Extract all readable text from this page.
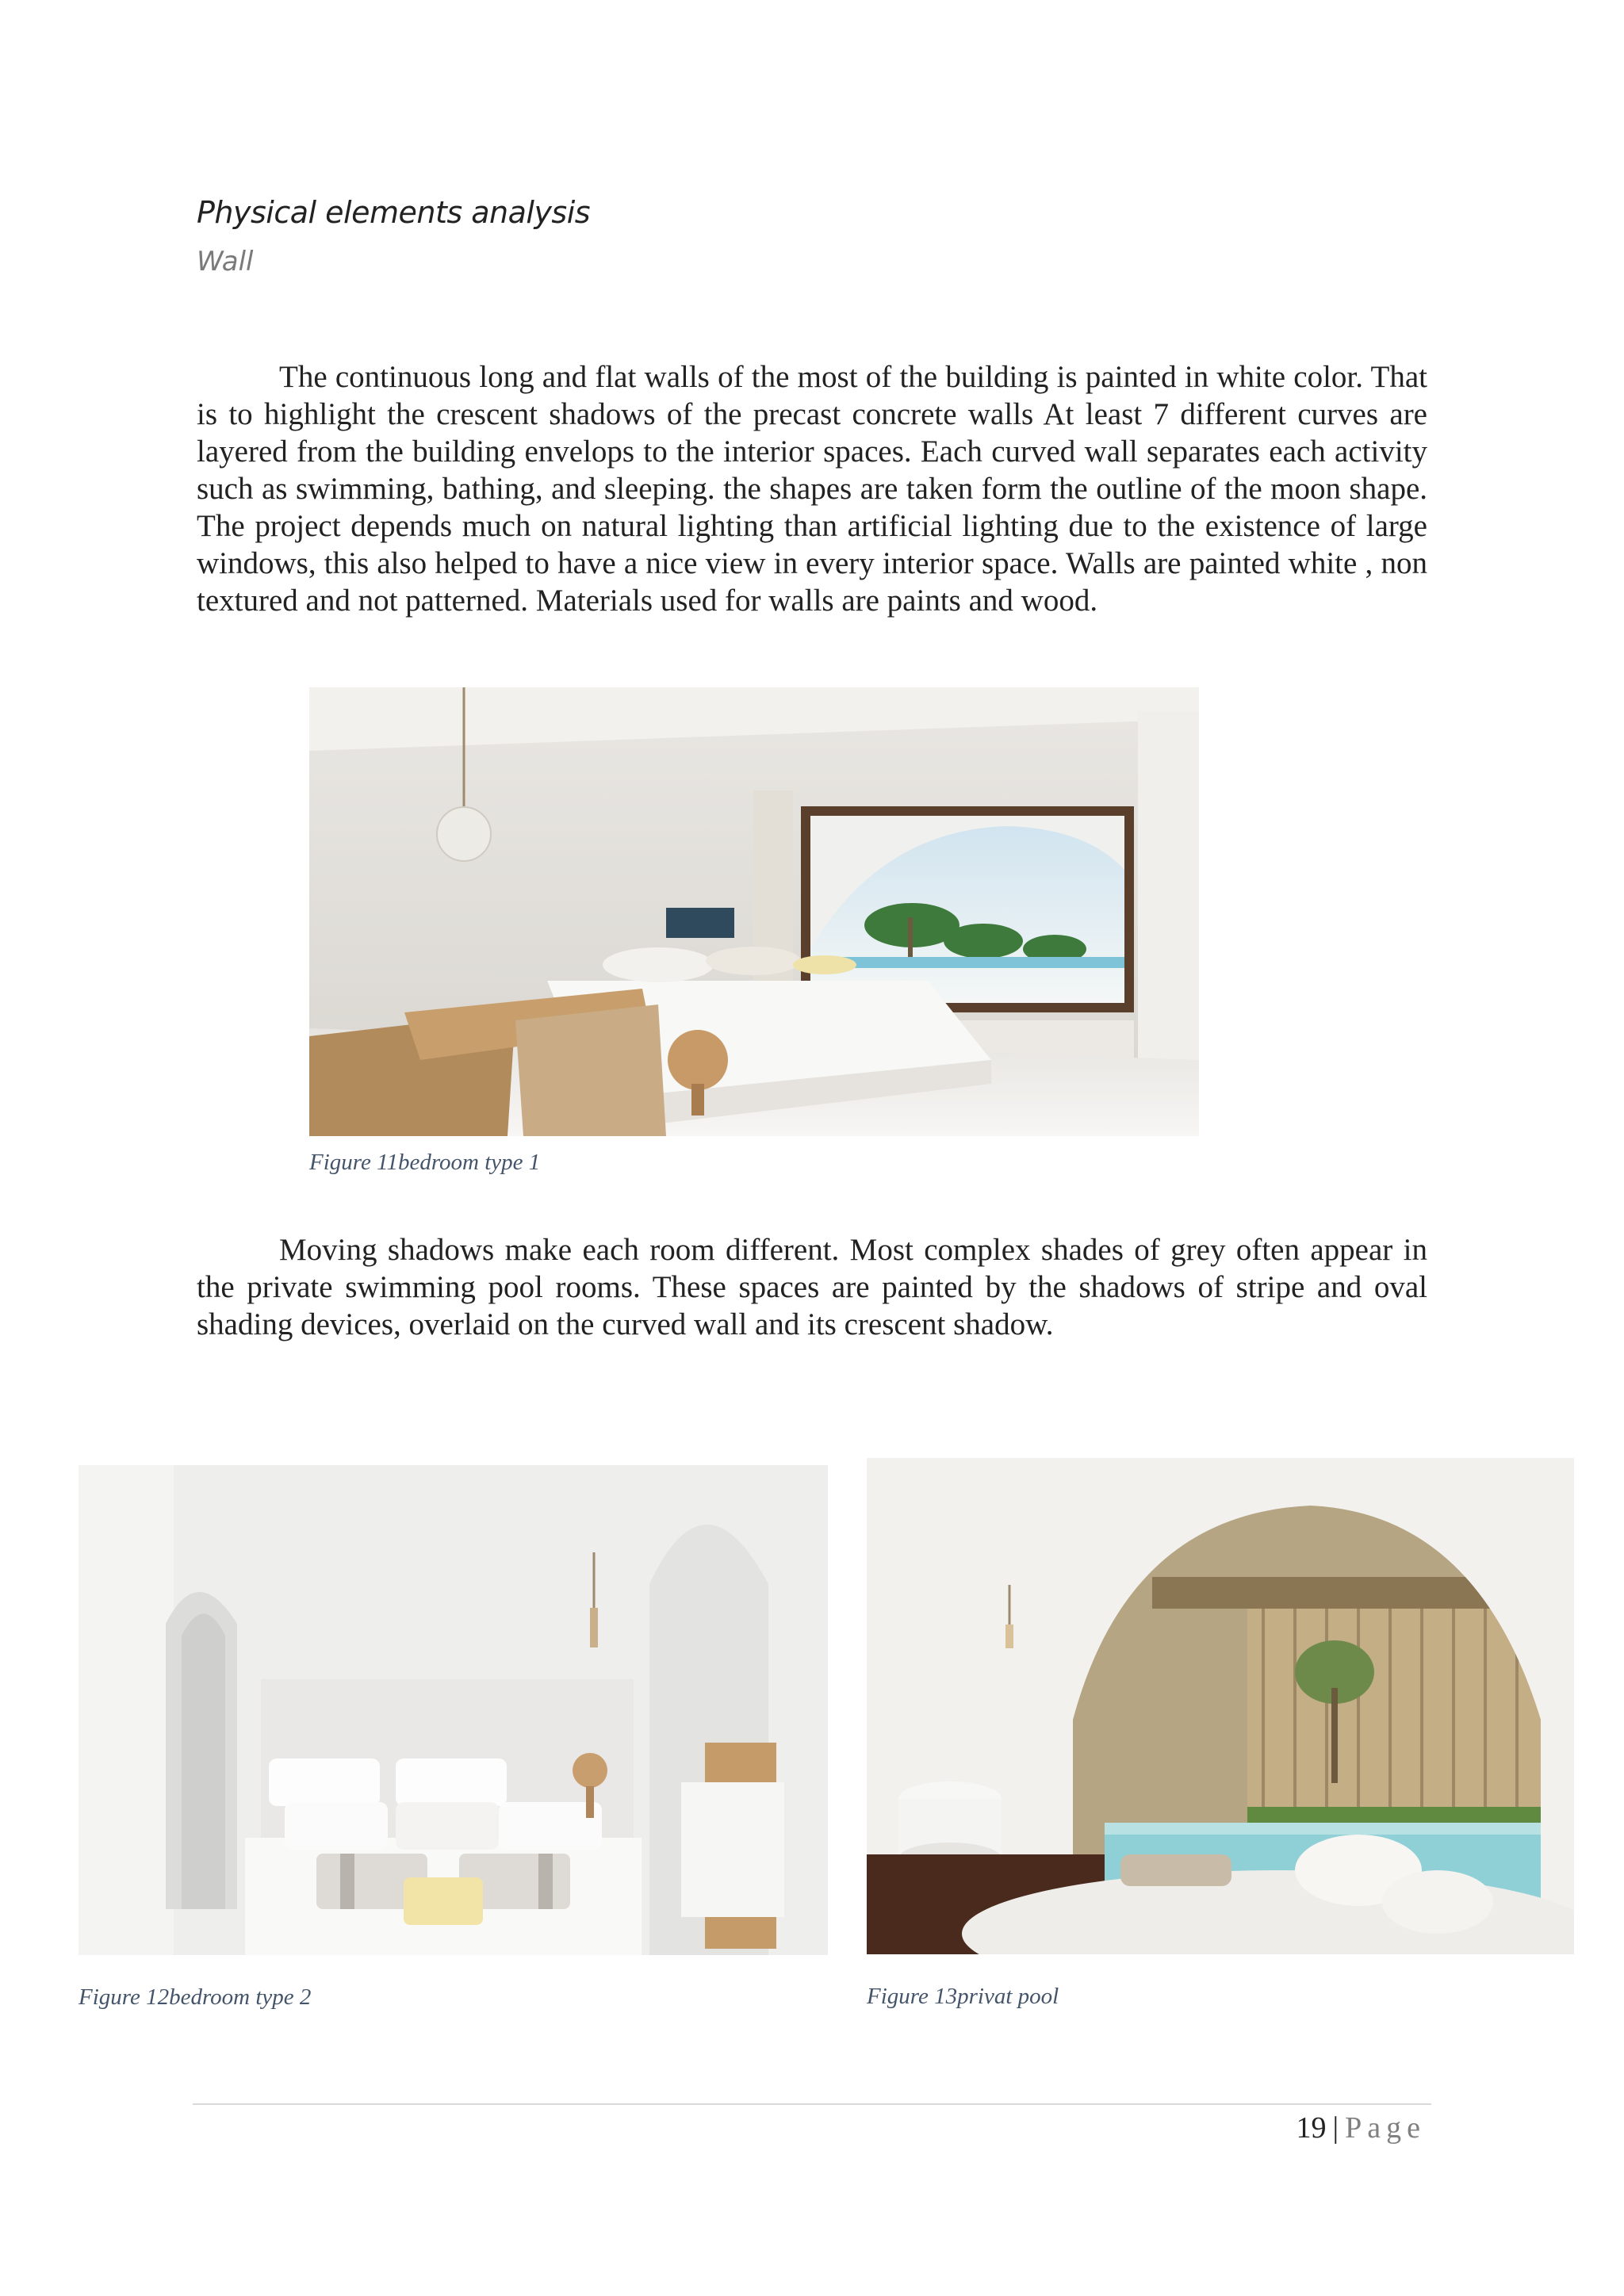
Physical elements analysis
Wall

The continuous long and flat walls of the most of the building is painted in white color. That is to highlight the crescent shadows of the precast concrete walls At least 7 different curves are layered from the building envelops to the interior spaces. Each curved wall separates each activity such as swimming, bathing, and sleeping. the shapes are taken form the outline of the moon shape. The project depends much on natural lighting than artificial lighting due to the existence of large windows, this also helped to have a nice view in every interior space. Walls are painted white , non textured and not patterned. Materials used for walls are paints and wood.

Figure 11bedroom type 1

Moving shadows make each room different. Most complex shades of grey often appear in the private swimming pool rooms. These spaces are painted by the shadows of stripe and oval shading devices, overlaid on the curved wall and its crescent shadow.

Figure 12bedroom type 2	Figure 13privat pool
19 | Page
